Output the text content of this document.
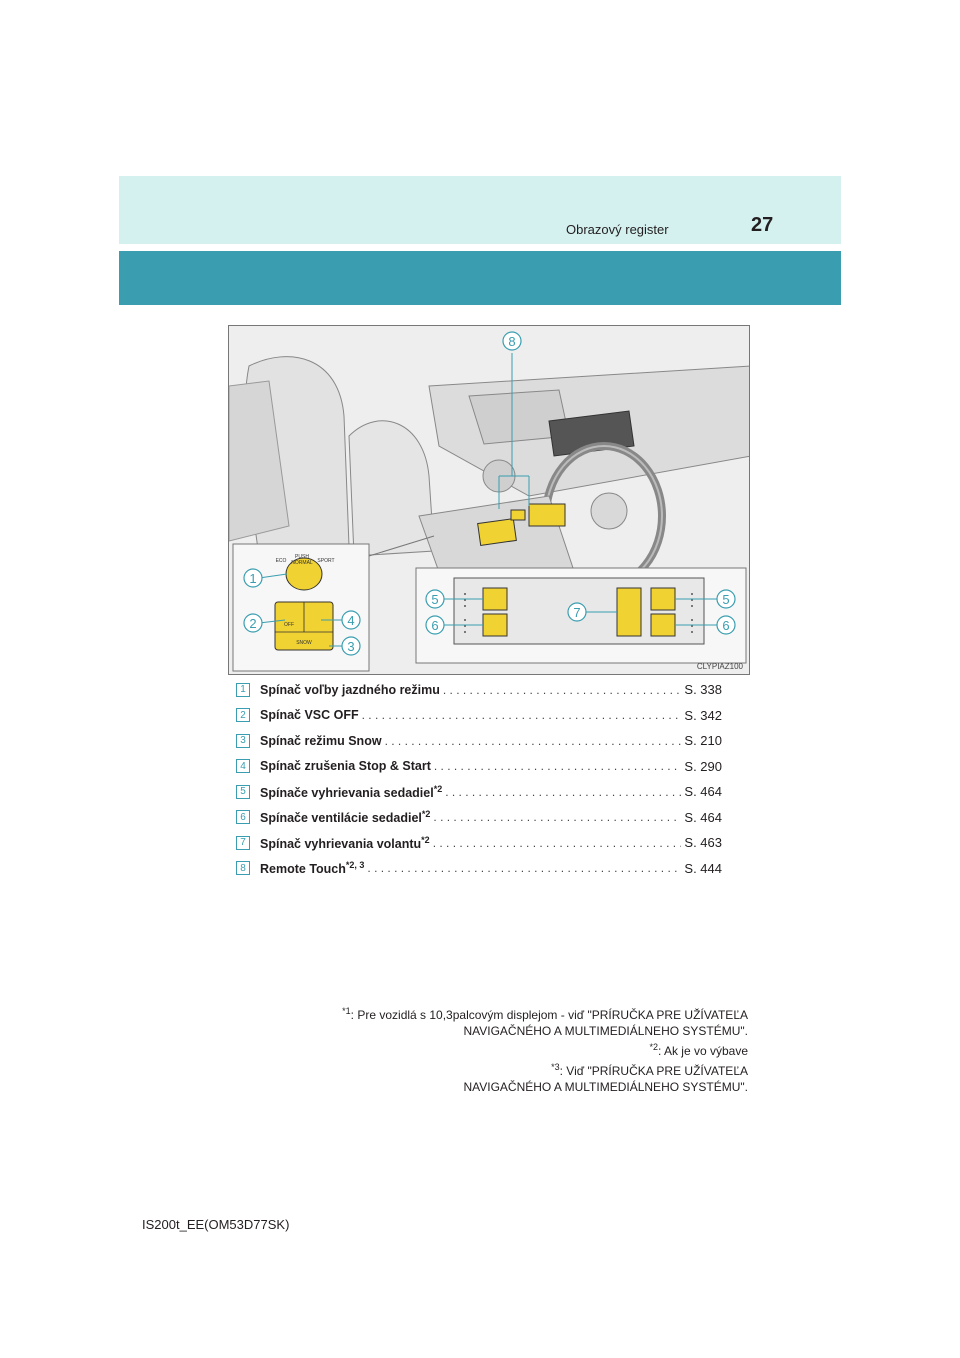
Obrazový register	27
8
PUSH
NORMAL
ECO	SPORT
OFF
SNOW
1
2	4
3
5
6
7
5
6
CLYPIAZ100
1	Spínač voľby jazdného režimu . . .	S. 338
2	Spínač VSC OFF . . .	S. 342
3	Spínač režimu Snow . . .	S. 210
4	Spínač zrušenia Stop & Start . . .	S. 290
5	Spínače vyhrievania sedadiel$^{*2}$ . . .	S. 464
6	Spínače ventilácie sedadiel$^{*2}$ . . .	S. 464
7	Spínač vyhrievania volantu$^{*2}$ . . .	S. 463
8	Remote Touch$^{*2, 3}$ . . .	S. 444
$^{*1}$: Pre vozidlá s 10,3palcovým displejom - viď "PRÍRUČKA PRE UŽÍVATEĽA
NAVIGAČNÉHO A MULTIMEDIÁLNEHO SYSTÉMU".
$^{*2}$: Ak je vo výbave
$^{*3}$: Viď "PRÍRUČKA PRE UŽÍVATEĽA
NAVIGAČNÉHO A MULTIMEDIÁLNEHO SYSTÉMU".
IS200t_EE(OM53D77SK)
